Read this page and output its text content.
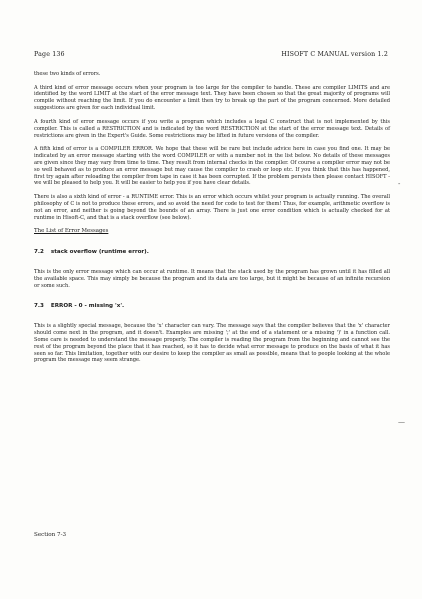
Page 136	HISOFT C MANUAL version 1.2

these two kinds of errors.

A third kind of error message occurs when your program is too large for the compiler to handle. These are compiler LIMITS and are identified by the word LIMIT at the start of the error message text. They have been chosen so that the great majority of programs will compile without reaching the limit. If you do encounter a limit then try to break up the part of the program concerned. More detailed suggestions are given for each individual limit.

A fourth kind of error message occurs if you write a program which includes a legal C construct that is not implemented by this compiler. This is called a RESTRICTION and is indicated by the word RESTRICTION at the start of the error message text. Details of restrictions are given in the Expert's Guide. Some restrictions may be lifted in future versions of the compiler.

A fifth kind of error is a COMPILER ERROR. We hope that these will be rare but include advice here in case you find one. It may be indicated by an error message starting with the word COMPILER or with a number not in the list below. No details of these messages are given since they may vary from time to time. They result from internal checks in the compiler. Of course a compiler error may not be so well behaved as to produce an error message but may cause the compiler to crash or loop etc. If you think that this has happened, first try again after reloading the compiler from tape in case it has been corrupted. If the problem persists then please contact HISOFT - we will be pleased to help you. It will be easier to help you if you have clear details.

There is also a sixth kind of error - a RUNTIME error. This is an error which occurs whilst your program is actually running. The overall philosophy of C is not to produce these errors, and so avoid the need for code to test for them! Thus, for example, arithmetic overflow is not an error, and neither is going beyond the bounds of an array. There is just one error condition which is actually checked for at runtime in Hisoft-C, and that is a stack overflow (see below).

The List of Error Messages
7.2 stack overflow (runtime error).

This is the only error message which can occur at runtime. It means that the stack used by the program has grown until it has filled all the available space. This may simply be because the program and its data are too large, but it might be because of an infinite recursion or some such.

7.3 ERROR - 0 - missing 'x'.

This is a slightly special message, because the 'x' character can vary. The message says that the compiler believes that the 'x' character should come next in the program, and it doesn't. Examples are missing ';' at the end of a statement or a missing ')' in a function call. Some care is needed to understand the message properly. The compiler is reading the program from the beginning and cannot see the rest of the program beyond the place that it has reached, so it has to decide what error message to produce on the basis of what it has seen so far. This limitation, together with our desire to keep the compiler as small as possible, means that to people looking at the whole program the message may seem strange.

-
—
Section 7-3
